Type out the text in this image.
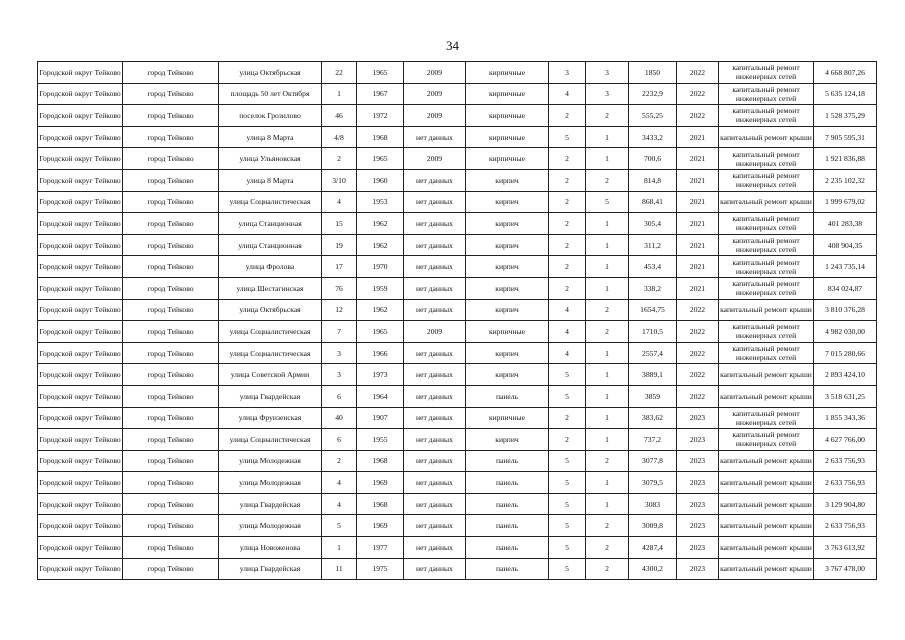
34
Городской округ Тейково	город Тейково	улица Октябрьская	22	1965	2009	кирпичные	3	3	1850	2022	капитальный ремонт инженерных сетей	4 668 807,26
Городской округ Тейково	город Тейково	площадь 50 лет Октября	1	1967	2009	кирпичные	4	3	2232,9	2022	капитальный ремонт инженерных сетей	5 635 124,18
Городской округ Тейково	город Тейково	поселок Грозилово	46	1972	2009	кирпичные	2	2	555,25	2022	капитальный ремонт инженерных сетей	1 528 375,29
Городской округ Тейково	город Тейково	улица 8 Марта	4/8	1968	нет данных	кирпичные	5	1	3433,2	2021	капитальный ремонт крыши	7 905 595,31
Городской округ Тейково	город Тейково	улица Ульяновская	2	1965	2009	кирпичные	2	1	700,6	2021	капитальный ремонт инженерных сетей	1 921 836,88
Городской округ Тейково	город Тейково	улица 8 Марта	3/10	1960	нет данных	кирпич	2	2	814,8	2021	капитальный ремонт инженерных сетей	2 235 102,32
Городской округ Тейково	город Тейково	улица Социалистическая	4	1953	нет данных	кирпич	2	5	868,41	2021	капитальный ремонт крыши	1 999 679,02
Городской округ Тейково	город Тейково	улица Станционная	15	1962	нет данных	кирпич	2	1	305,4	2021	капитальный ремонт инженерных сетей	401 283,38
Городской округ Тейково	город Тейково	улица Станционная	19	1962	нет данных	кирпич	2	1	311,2	2021	капитальный ремонт инженерных сетей	408 904,35
Городской округ Тейково	город Тейково	улица Фролова	17	1970	нет данных	кирпич	2	1	453,4	2021	капитальный ремонт инженерных сетей	1 243 735,14
Городской округ Тейково	город Тейково	улица Шестагинская	76	1959	нет данных	кирпич	2	1	338,2	2021	капитальный ремонт инженерных сетей	834 024,87
Городской округ Тейково	город Тейково	улица Октябрьская	12	1962	нет данных	кирпич	4	2	1654,75	2022	капитальный ремонт крыши	3 810 376,28
Городской округ Тейково	город Тейково	улица Социалистическая	7	1965	2009	кирпичные	4	2	1710,5	2022	капитальный ремонт инженерных сетей	4 982 030,00
Городской округ Тейково	город Тейково	улица Социалистическая	3	1966	нет данных	кирпич	4	1	2557,4	2022	капитальный ремонт инженерных сетей	7 015 280,66
Городской округ Тейково	город Тейково	улица Советской Армии	3	1973	нет данных	кирпич	5	1	3889,1	2022	капитальный ремонт крыши	2 893 424,10
Городской округ Тейково	город Тейково	улица Гвардейская	6	1964	нет данных	панель	5	1	3859	2022	капитальный ремонт крыши	3 518 631,25
Городской округ Тейково	город Тейково	улица Фрунзенская	40	1907	нет данных	кирпичные	2	1	383,62	2023	капитальный ремонт инженерных сетей	1 855 343,36
Городской округ Тейково	город Тейково	улица Социалистическая	6	1955	нет данных	кирпич	2	1	737,2	2023	капитальный ремонт инженерных сетей	4 627 766,00
Городской округ Тейково	город Тейково	улица Молодежная	2	1968	нет данных	панель	5	2	3077,8	2023	капитальный ремонт крыши	2 633 756,93
Городской округ Тейково	город Тейково	улица Молодежная	4	1969	нет данных	панель	5	1	3079,5	2023	капитальный ремонт крыши	2 633 756,93
Городской округ Тейково	город Тейково	улица Гвардейская	4	1968	нет данных	панель	5	1	3083	2023	капитальный ремонт крыши	3 129 904,80
Городской округ Тейково	город Тейково	улица Молодежная	5	1969	нет данных	панель	5	2	3009,8	2023	капитальный ремонт крыши	2 633 756,93
Городской округ Тейково	город Тейково	улица Новоженова	1	1977	нет данных	панель	5	2	4287,4	2023	капитальный ремонт крыши	3 763 613,92
Городской округ Тейково	город Тейково	улица Гвардейская	11	1975	нет данных	панель	5	2	4300,2	2023	капитальный ремонт крыши	3 767 478,00
